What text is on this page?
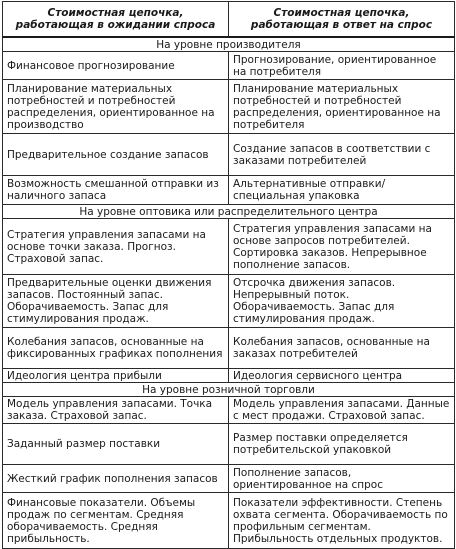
Стоимостная цепочка, работающая в ожидании спроса	Стоимостная цепочка, работающая в ответ на спрос
На уровне производителя	
Финансовое прогнозирование	Прогнозирование, ориентированное на потребителя
Планирование материальных потребностей и потребностей распределения, ориентированное на производство	Планирование материальных потребностей и потребностей распределения, ориентированное на потребителя
Предварительное создание запасов	Создание запасов в соответствии с заказами потребителей
Возможность смешанной отправки из наличного запаса	Альтернативные отправки/специальная упаковка
На уровне оптовика или распределительного центра	
Стратегия управления запасами на основе точки заказа. Прогноз. Страховой запас.	Стратегия управления запасами на основе запросов потребителей. Сортировка заказов. Непрерывное пополнение запасов.
Предварительные оценки движения запасов. Постоянный запас. Оборачиваемость. Запас для стимулирования продаж.	Отсрочка движения запасов. Непрерывный поток. Оборачиваемость. Запас для стимулирования продаж.
Колебания запасов, основанные на фиксированных графиках пополнения	Колебания запасов, основанные на заказах потребителей
Идеология центра прибыли	Идеология сервисного центра
На уровне розничной торговли	
Модель управления запасами. Точка заказа. Страховой запас.	Модель управления запасами. Данные с мест продажи. Страховой запас.
Заданный размер поставки	Размер поставки определяется потребительской упаковкой
Жесткий график пополнения запасов	Пополнение запасов, ориентированное на спрос
Финансовые показатели. Объемы продаж по сегментам. Средняя оборачиваемость. Средняя прибыльность.	Показатели эффективности. Степень охвата сегмента. Оборачиваемость по профильным сегментам. Прибыльность отдельных продуктов.
